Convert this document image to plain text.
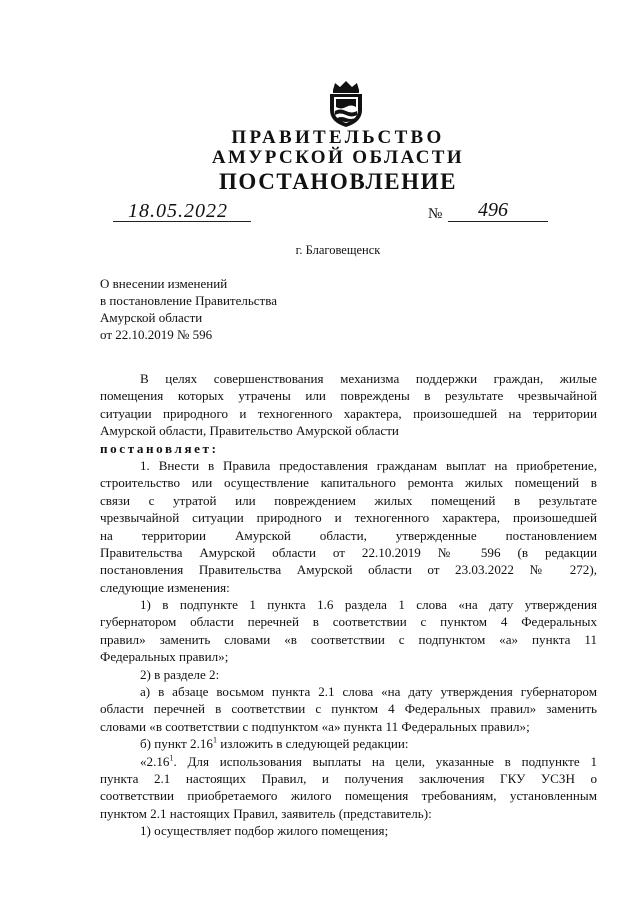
ПРАВИТЕЛЬСТВО
АМУРСКОЙ ОБЛАСТИ
ПОСТАНОВЛЕНИЕ
18.05.2022	№ 496
г. Благовещенск
О внесении изменений
в постановление Правительства
Амурской области
от 22.10.2019 № 596
В целях совершенствования механизма поддержки граждан, жилые
помещения которых утрачены или повреждены в результате чрезвычайной
ситуации природного и техногенного характера, произошедшей на территории
Амурской области, Правительство Амурской области
постановляет:
1. Внести в Правила предоставления гражданам выплат на приобретение,
строительство или осуществление капитального ремонта жилых помещений в
связи с утратой или повреждением жилых помещений в результате
чрезвычайной ситуации природного и техногенного характера, произошедшей
на территории Амурской области, утвержденные постановлением
Правительства Амурской области от 22.10.2019 № 596 (в редакции
постановления Правительства Амурской области от 23.03.2022 № 272),
следующие изменения:
1) в подпункте 1 пункта 1.6 раздела 1 слова «на дату утверждения
губернатором области перечней в соответствии с пунктом 4 Федеральных
правил» заменить словами «в соответствии с подпунктом «а» пункта 11
Федеральных правил»;
2) в разделе 2:
а) в абзаце восьмом пункта 2.1 слова «на дату утверждения губернатором
области перечней в соответствии с пунктом 4 Федеральных правил» заменить
словами «в соответствии с подпунктом «а» пункта 11 Федеральных правил»;
б) пункт 2.16$^1$ изложить в следующей редакции:
«2.16$^1$. Для использования выплаты на цели, указанные в подпункте 1
пункта 2.1 настоящих Правил, и получения заключения ГКУ УСЗН о
соответствии приобретаемого жилого помещения требованиям, установленным
пунктом 2.1 настоящих Правил, заявитель (представитель):
1) осуществляет подбор жилого помещения;
